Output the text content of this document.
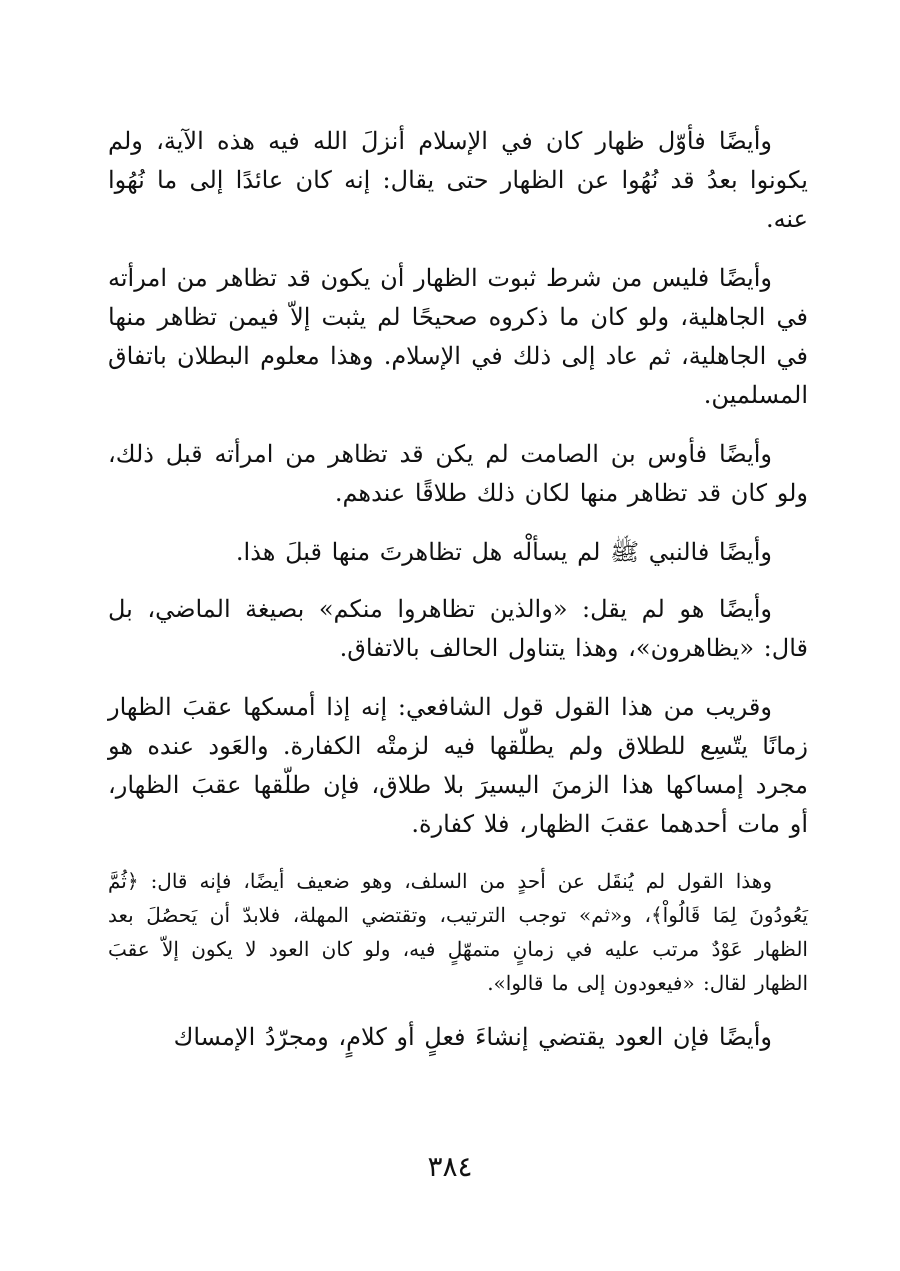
وأيضًا فأوّل ظهار كان في الإسلام أنزلَ الله فيه هذه الآية، ولم يكونوا بعدُ قد نُهُوا عن الظهار حتى يقال: إنه كان عائدًا إلى ما نُهُوا عنه.

وأيضًا فليس من شرط ثبوت الظهار أن يكون قد تظاهر من امرأته في الجاهلية، ولو كان ما ذكروه صحيحًا لم يثبت إلاّ فيمن تظاهر منها في الجاهلية، ثم عاد إلى ذلك في الإسلام. وهذا معلوم البطلان باتفاق المسلمين.

وأيضًا فأوس بن الصامت لم يكن قد تظاهر من امرأته قبل ذلك، ولو كان قد تظاهر منها لكان ذلك طلاقًا عندهم.

وأيضًا فالنبي ﷺ لم يسألْه هل تظاهرتَ منها قبلَ هذا.

وأيضًا هو لم يقل: «والذين تظاهروا منكم» بصيغة الماضي، بل قال: «يظاهرون»، وهذا يتناول الحالف بالاتفاق.

وقريب من هذا القول قول الشافعي: إنه إذا أمسكها عقبَ الظهار زمانًا يتّسِع للطلاق ولم يطلّقها فيه لزمتْه الكفارة. والعَود عنده هو مجرد إمساكها هذا الزمنَ اليسيرَ بلا طلاق، فإن طلّقها عقبَ الظهار، أو مات أحدهما عقبَ الظهار، فلا كفارة.

وهذا القول لم يُنقَل عن أحدٍ من السلف، وهو ضعيف أيضًا، فإنه قال: ﴿ثُمَّ يَعُودُونَ لِمَا قَالُواْ﴾، و«ثم» توجب الترتيب، وتقتضي المهلة، فلابدّ أن يَحصُلَ بعد الظهار عَوْدٌ مرتب عليه في زمانٍ متمهّلٍ فيه، ولو كان العود لا يكون إلاّ عقبَ الظهار لقال: «فيعودون إلى ما قالوا».

وأيضًا فإن العود يقتضي إنشاءَ فعلٍ أو كلامٍ، ومجرّدُ الإمساك

٣٨٤
